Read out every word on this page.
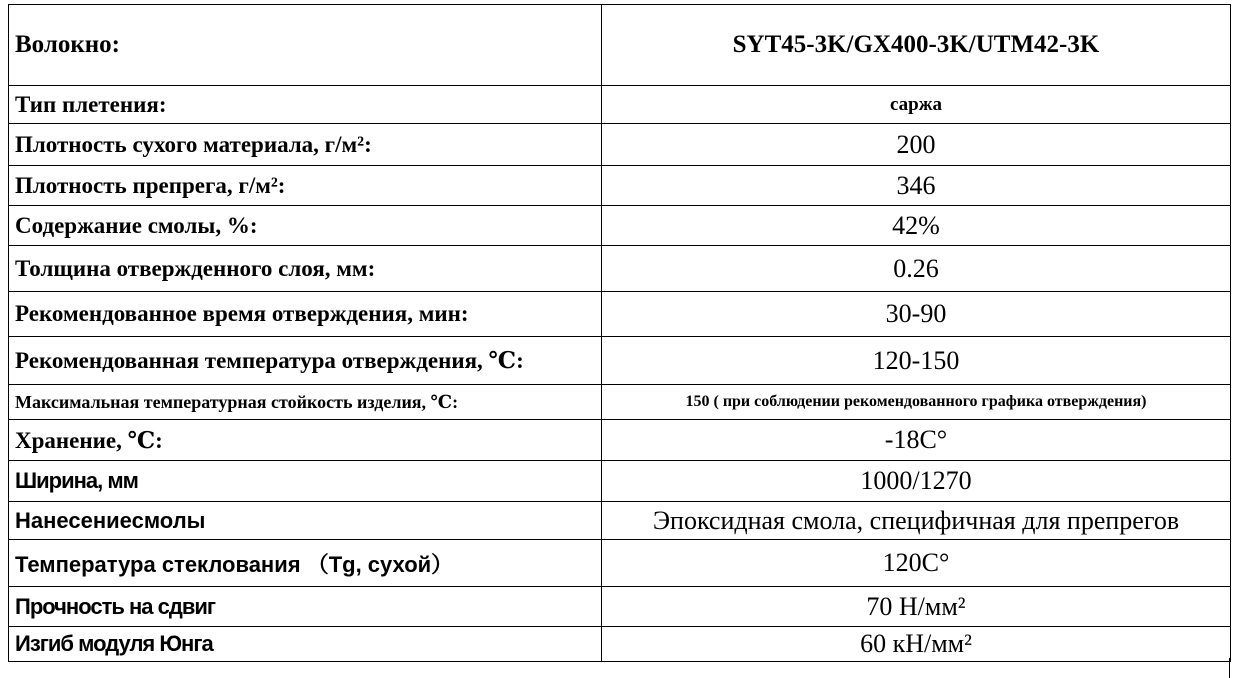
Волокно:	SYT45-3K/GX400-3K/UTM42-3K
Тип плетения:	саржа
Плотность сухого материала, г/м²:	200
Плотность препрега, г/м²:	346
Содержание смолы, %:	42%
Толщина отвержденного слоя, мм:	0.26
Рекомендованное время отверждения, мин:	30-90
Рекомендованная температура отверждения, ℃:	120-150
Максимальная температурная стойкость изделия, ℃:	150 ( при соблюдении рекомендованного графика отверждения)
Хранение, ℃:	-18C°
Ширина, мм	1000/1270
Нанесениесмолы	Эпоксидная смола, специфичная для препрегов
Температура стеклования （Tg, сухой）	120C°
Прочность на сдвиг	70 Н/мм²
Изгиб модуля Юнга	60 кН/мм²
